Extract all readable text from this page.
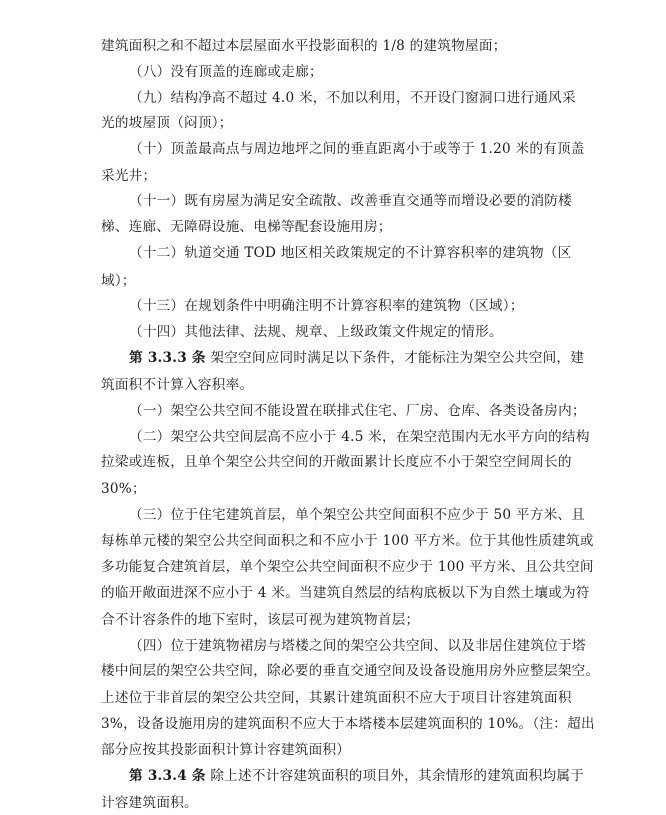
建筑面积之和不超过本层屋面水平投影面积的 1/8 的建筑物屋面；
（八）没有顶盖的连廊或走廊；
（九）结构净高不超过 4.0 米，不加以利用，不开设门窗洞口进行通风采
光的坡屋顶（闷顶）；
（十）顶盖最高点与周边地坪之间的垂直距离小于或等于 1.20 米的有顶盖
采光井；
（十一）既有房屋为满足安全疏散、改善垂直交通等而增设必要的消防楼
梯、连廊、无障碍设施、电梯等配套设施用房；
（十二）轨道交通 TOD 地区相关政策规定的不计算容积率的建筑物（区
域）；
（十三）在规划条件中明确注明不计算容积率的建筑物（区域）；
（十四）其他法律、法规、规章、上级政策文件规定的情形。
第 3.3.3 条 架空空间应同时满足以下条件，才能标注为架空公共空间，建
筑面积不计算入容积率。
（一）架空公共空间不能设置在联排式住宅、厂房、仓库、各类设备房内；
（二）架空公共空间层高不应小于 4.5 米，在架空范围内无水平方向的结构
拉梁或连板，且单个架空公共空间的开敞面累计长度应不小于架空空间周长的
30%；
（三）位于住宅建筑首层，单个架空公共空间面积不应少于 50 平方米、且
每栋单元楼的架空公共空间面积之和不应小于 100 平方米。位于其他性质建筑或
多功能复合建筑首层，单个架空公共空间面积不应少于 100 平方米、且公共空间
的临开敞面进深不应小于 4 米。当建筑自然层的结构底板以下为自然土壤或为符
合不计容条件的地下室时，该层可视为建筑物首层；
（四）位于建筑物裙房与塔楼之间的架空公共空间、以及非居住建筑位于塔
楼中间层的架空公共空间，除必要的垂直交通空间及设备设施用房外应整层架空。
上述位于非首层的架空公共空间，其累计建筑面积不应大于项目计容建筑面积
3%，设备设施用房的建筑面积不应大于本塔楼本层建筑面积的 10%。（注：超出
部分应按其投影面积计算计容建筑面积）
第 3.3.4 条 除上述不计容建筑面积的项目外，其余情形的建筑面积均属于
计容建筑面积。
